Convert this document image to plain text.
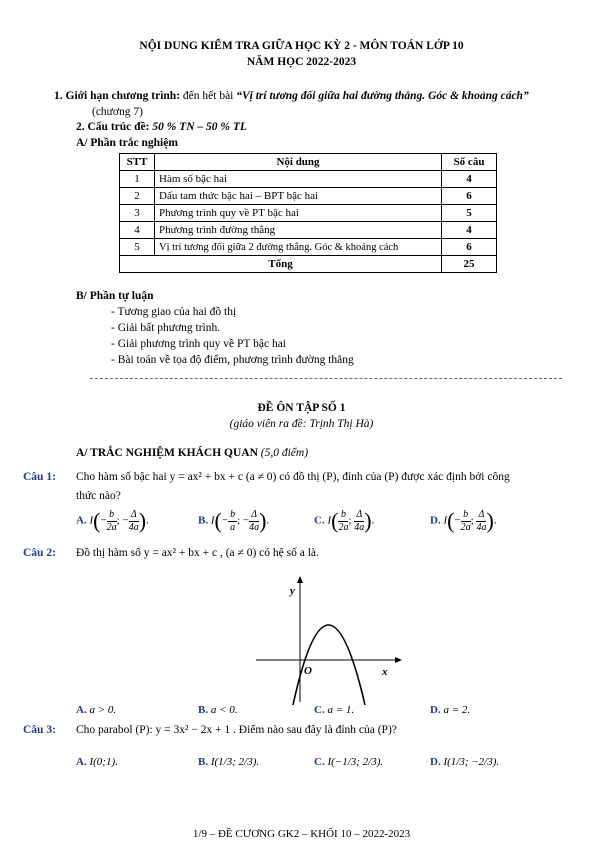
NỘI DUNG KIỂM TRA GIỮA HỌC KỲ 2 - MÔN TOÁN LỚP 10
NĂM HỌC 2022-2023
1. Giới hạn chương trình: đến hết bài “Vị trí tương đối giữa hai đường thẳng. Góc & khoảng cách”
(chương 7)
2. Cấu trúc đề: 50 % TN – 50 % TL
A/ Phần trắc nghiệm
STT	Nội dung	Số câu
1	Hàm số bậc hai	4
2	Dấu tam thức bậc hai – BPT bậc hai	6
3	Phương trình quy về PT bậc hai	5
4	Phương trình đường thẳng	4
5	Vị trí tương đối giữa 2 đường thẳng. Góc & khoảng cách	6
Tổng		25
B/ Phần tự luận
- Tương giao của hai đồ thị
- Giải bất phương trình.
- Giải phương trình quy về PT bậc hai
- Bài toán về tọa độ điểm, phương trình đường thẳng
ĐỀ ÔN TẬP SỐ 1
(giáo viên ra đề: Trịnh Thị Hà)
A/ TRẮC NGHIỆM KHÁCH QUAN (5,0 điểm)
Câu 1: Cho hàm số bậc hai y = ax² + bx + c (a ≠ 0) có đồ thị (P), đỉnh của (P) được xác định bởi công
thức nào?
A. $I(- \frac{b}{2a}$ ; − $\frac{\Delta}{4a}$ ).	B. $I(- \frac{b}{a}$ ; − $\frac{\Delta}{4a}$ ).	C. $I( \frac{b}{2a}$ ; $\frac{\Delta}{4a}$ ).	D. $I(- \frac{b}{2a}$ ; $\frac{\Delta}{4a}$ ).
Câu 2: Đồ thị hàm số y = ax² + bx + c , (a ≠ 0) có hệ số a là.
y
x
O
A. a > 0.	B. a < 0.	C. a = 1.	D. a = 2.
Câu 3: Cho parabol (P): y = 3x² − 2x + 1 . Điểm nào sau đây là đỉnh của (P)?
A. I(0;1).	B. I(1/3; 2/3).	C. I(−1/3; 2/3).	D. I(1/3; −2/3).
1/9 – ĐỀ CƯƠNG GK2 – KHỐI 10 – 2022-2023
